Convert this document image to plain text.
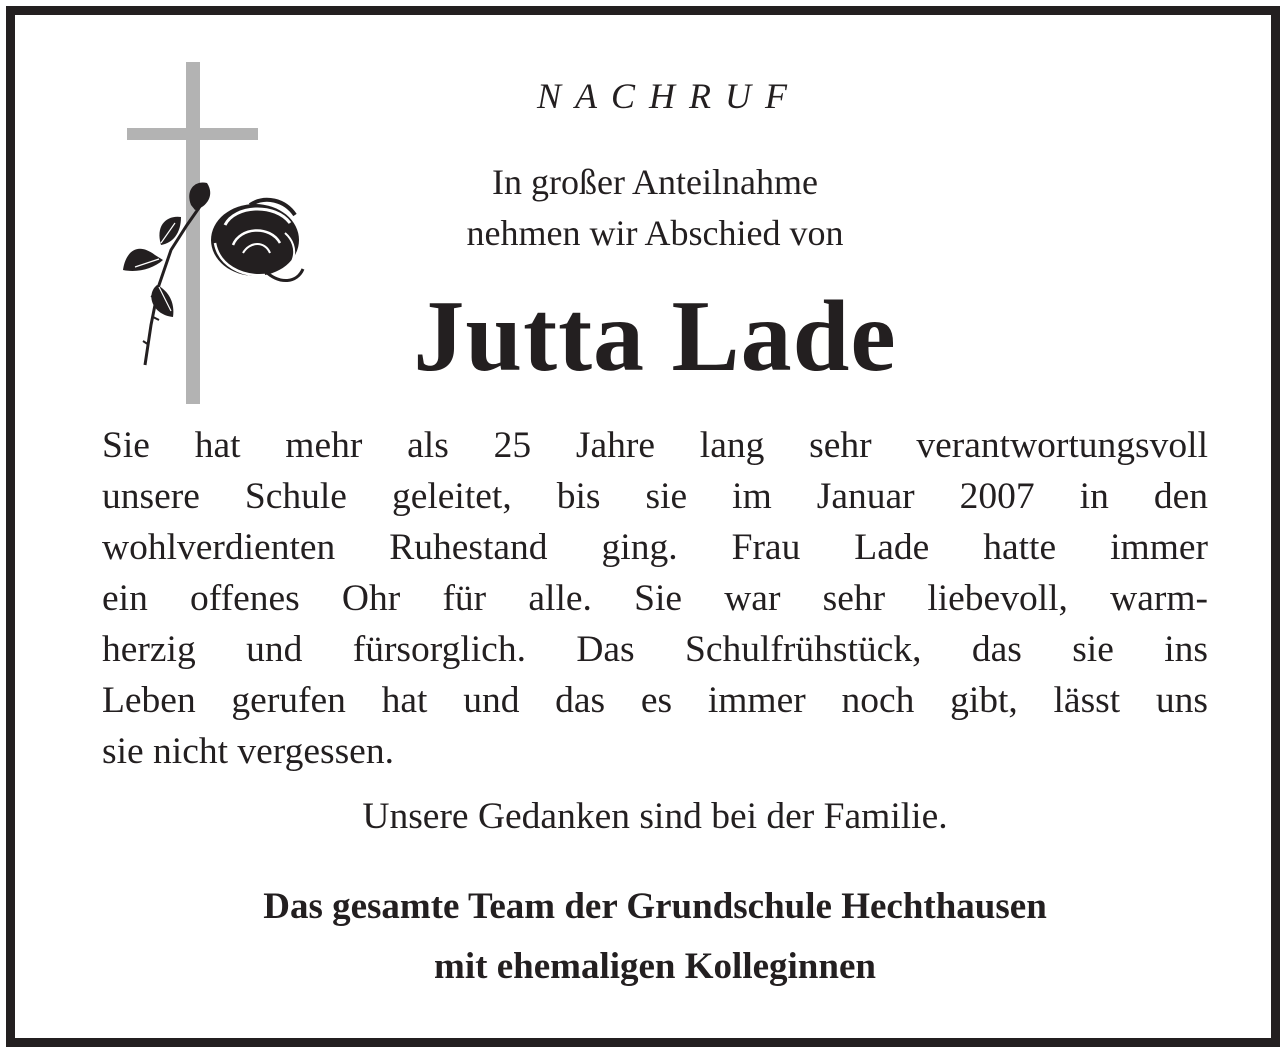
NACHRUF
In großer Anteilnahme
nehmen wir Abschied von
Jutta Lade
Sie hat mehr als 25 Jahre lang sehr verantwortungsvoll
unsere Schule geleitet, bis sie im Januar 2007 in den
wohlverdienten Ruhestand ging. Frau Lade hatte immer
ein offenes Ohr für alle. Sie war sehr liebevoll, warm-
herzig und fürsorglich. Das Schulfrühstück, das sie ins
Leben gerufen hat und das es immer noch gibt, lässt uns
sie nicht vergessen.
Unsere Gedanken sind bei der Familie.
Das gesamte Team der Grundschule Hechthausen
mit ehemaligen Kolleginnen
